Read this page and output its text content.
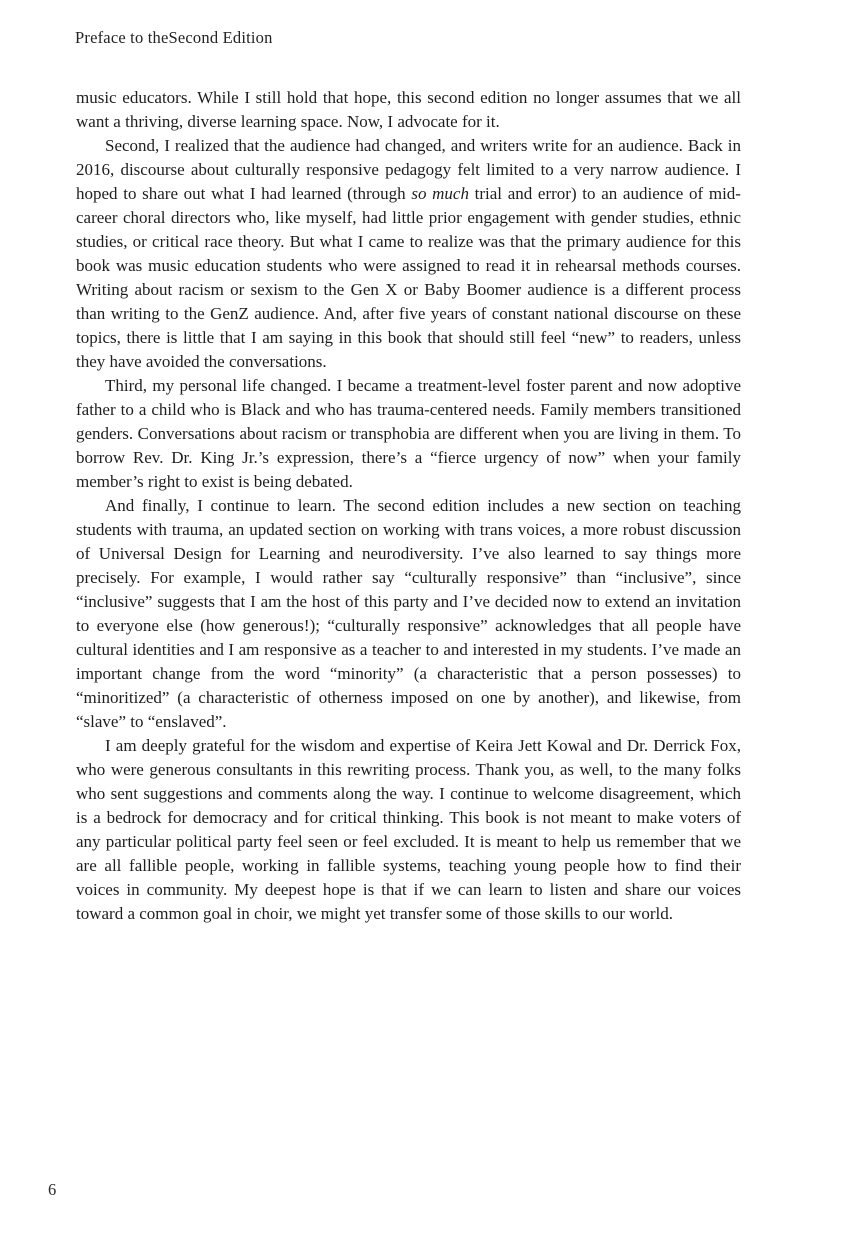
Preface to theSecond Edition

music educators. While I still hold that hope, this second edition no longer assumes that we all want a thriving, diverse learning space. Now, I advocate for it.

Second, I realized that the audience had changed, and writers write for an audience. Back in 2016, discourse about culturally responsive pedagogy felt limited to a very narrow audience. I hoped to share out what I had learned (through so much trial and error) to an audience of mid-career choral directors who, like myself, had little prior engagement with gender studies, ethnic studies, or critical race theory. But what I came to realize was that the primary audience for this book was music education students who were assigned to read it in rehearsal methods courses. Writing about racism or sexism to the Gen X or Baby Boomer audience is a different process than writing to the GenZ audience. And, after five years of constant national discourse on these topics, there is little that I am saying in this book that should still feel “new” to readers, unless they have avoided the conversations.

Third, my personal life changed. I became a treatment-level foster parent and now adoptive father to a child who is Black and who has trauma-centered needs. Family members transitioned genders. Conversations about racism or transphobia are different when you are living in them. To borrow Rev. Dr. King Jr.’s expression, there’s a “fierce urgency of now” when your family member’s right to exist is being debated.

And finally, I continue to learn. The second edition includes a new section on teaching students with trauma, an updated section on working with trans voices, a more robust discussion of Universal Design for Learning and neurodiversity. I’ve also learned to say things more precisely. For example, I would rather say “culturally responsive” than “inclusive”, since “inclusive” suggests that I am the host of this party and I’ve decided now to extend an invitation to everyone else (how generous!); “culturally responsive” acknowledges that all people have cultural identities and I am responsive as a teacher to and interested in my students. I’ve made an important change from the word “minority” (a characteristic that a person possesses) to “minoritized” (a characteristic of otherness imposed on one by another), and likewise, from “slave” to “enslaved”.

I am deeply grateful for the wisdom and expertise of Keira Jett Kowal and Dr. Derrick Fox, who were generous consultants in this rewriting process. Thank you, as well, to the many folks who sent suggestions and comments along the way. I continue to welcome disagreement, which is a bedrock for democracy and for critical thinking. This book is not meant to make voters of any particular political party feel seen or feel excluded. It is meant to help us remember that we are all fallible people, working in fallible systems, teaching young people how to find their voices in community. My deepest hope is that if we can learn to listen and share our voices toward a common goal in choir, we might yet transfer some of those skills to our world.

6
